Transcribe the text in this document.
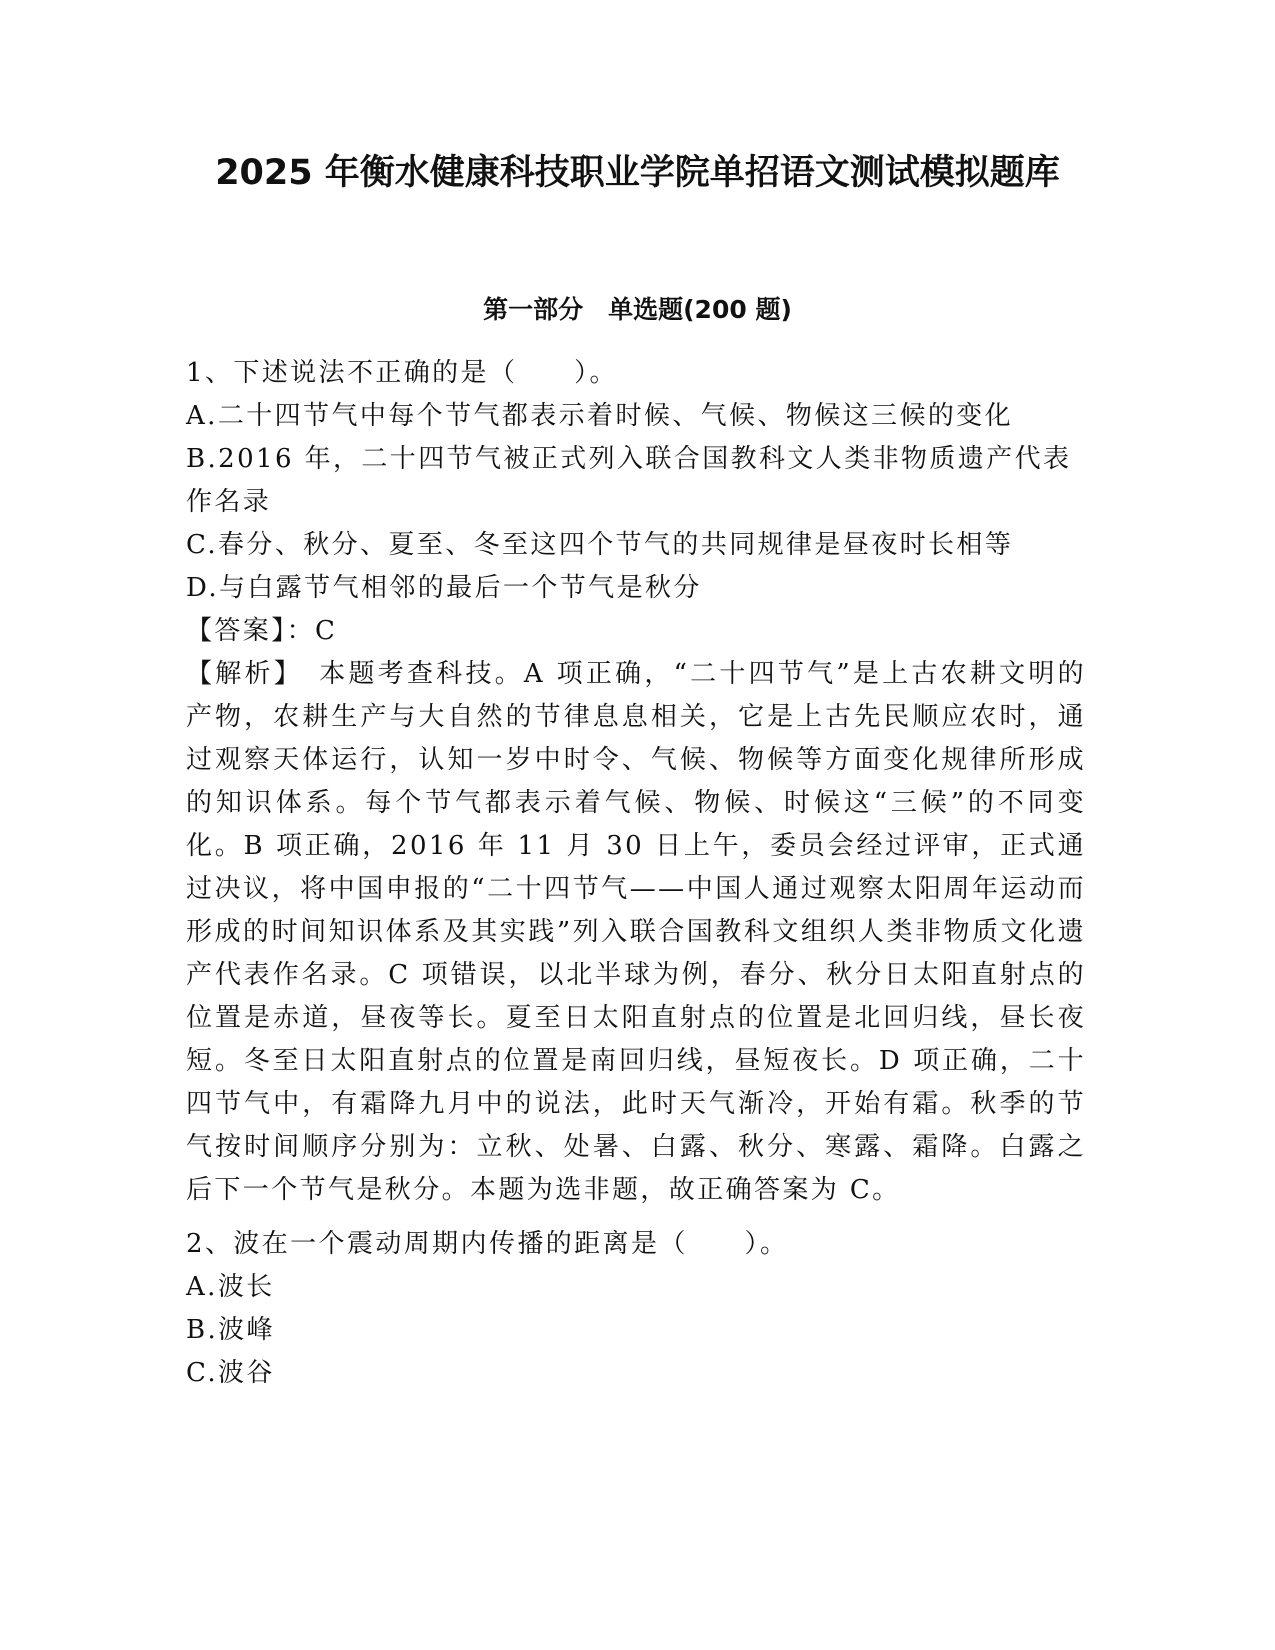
2025 年衡水健康科技职业学院单招语文测试模拟题库
第一部分　单选题(200 题)

1、下述说法不正确的是（　　）。

A.二十四节气中每个节气都表示着时候、气候、物候这三候的变化

B.2016 年，二十四节气被正式列入联合国教科文人类非物质遗产代表作名录

C.春分、秋分、夏至、冬至这四个节气的共同规律是昼夜时长相等

D.与白露节气相邻的最后一个节气是秋分

【答案】：C

【解析】　本题考查科技。A 项正确，“二十四节气”是上古农耕文明的产物，农耕生产与大自然的节律息息相关，它是上古先民顺应农时，通过观察天体运行，认知一岁中时令、气候、物候等方面变化规律所形成的知识体系。每个节气都表示着气候、物候、时候这“三候”的不同变化。B 项正确，2016 年 11 月 30 日上午，委员会经过评审，正式通过决议，将中国申报的“二十四节气——中国人通过观察太阳周年运动而形成的时间知识体系及其实践”列入联合国教科文组织人类非物质文化遗产代表作名录。C 项错误，以北半球为例，春分、秋分日太阳直射点的位置是赤道，昼夜等长。夏至日太阳直射点的位置是北回归线，昼长夜短。冬至日太阳直射点的位置是南回归线，昼短夜长。D 项正确，二十四节气中，有霜降九月中的说法，此时天气渐冷，开始有霜。秋季的节气按时间顺序分别为：立秋、处暑、白露、秋分、寒露、霜降。白露之后下一个节气是秋分。本题为选非题，故正确答案为 C。

2、波在一个震动周期内传播的距离是（　　）。

A.波长

B.波峰

C.波谷
